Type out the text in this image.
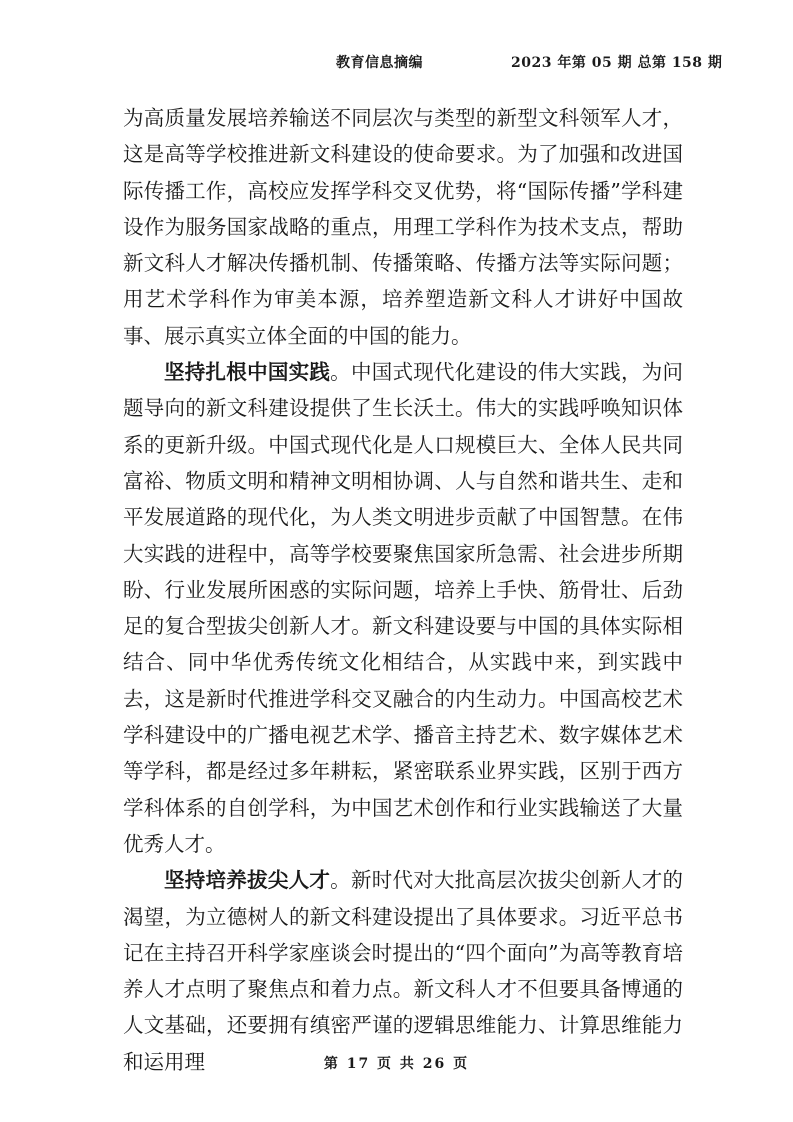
教育信息摘编	2023 年第 05 期 总第 158 期

为高质量发展培养输送不同层次与类型的新型文科领军人才，这是高等学校推进新文科建设的使命要求。为了加强和改进国际传播工作，高校应发挥学科交叉优势，将“国际传播”学科建设作为服务国家战略的重点，用理工学科作为技术支点，帮助新文科人才解决传播机制、传播策略、传播方法等实际问题；用艺术学科作为审美本源，培养塑造新文科人才讲好中国故事、展示真实立体全面的中国的能力。

坚持扎根中国实践。中国式现代化建设的伟大实践，为问题导向的新文科建设提供了生长沃土。伟大的实践呼唤知识体系的更新升级。中国式现代化是人口规模巨大、全体人民共同富裕、物质文明和精神文明相协调、人与自然和谐共生、走和平发展道路的现代化，为人类文明进步贡献了中国智慧。在伟大实践的进程中，高等学校要聚焦国家所急需、社会进步所期盼、行业发展所困惑的实际问题，培养上手快、筋骨壮、后劲足的复合型拔尖创新人才。新文科建设要与中国的具体实际相结合、同中华优秀传统文化相结合，从实践中来，到实践中去，这是新时代推进学科交叉融合的内生动力。中国高校艺术学科建设中的广播电视艺术学、播音主持艺术、数字媒体艺术等学科，都是经过多年耕耘，紧密联系业界实践，区别于西方学科体系的自创学科，为中国艺术创作和行业实践输送了大量优秀人才。

坚持培养拔尖人才。新时代对大批高层次拔尖创新人才的渴望，为立德树人的新文科建设提出了具体要求。习近平总书记在主持召开科学家座谈会时提出的“四个面向”为高等教育培养人才点明了聚焦点和着力点。新文科人才不但要具备博通的人文基础，还要拥有缜密严谨的逻辑思维能力、计算思维能力和运用理	第 17 页 共 26 页
